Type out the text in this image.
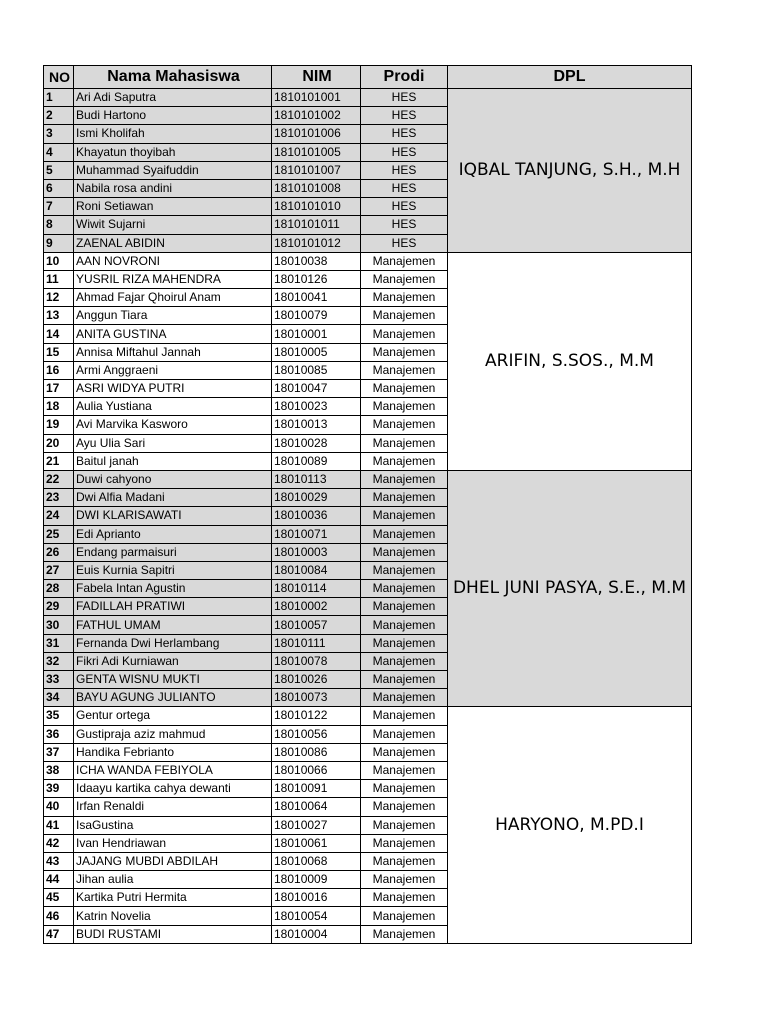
NO	Nama Mahasiswa	NIM	Prodi	DPL
1	Ari Adi Saputra	1810101001	HES	IQBAL TANJUNG, S.H., M.H
2	Budi Hartono	1810101002	HES	
3	Ismi Kholifah	1810101006	HES	
4	Khayatun thoyibah	1810101005	HES	
5	Muhammad Syaifuddin	1810101007	HES	
6	Nabila rosa andini	1810101008	HES	
7	Roni Setiawan	1810101010	HES	
8	Wiwit Sujarni	1810101011	HES	
9	ZAENAL ABIDIN	1810101012	HES	
10	AAN NOVRONI	18010038	Manajemen	ARIFIN, S.SOS., M.M
11	YUSRIL RIZA MAHENDRA	18010126	Manajemen	
12	Ahmad Fajar Qhoirul Anam	18010041	Manajemen	
13	Anggun Tiara	18010079	Manajemen	
14	ANITA GUSTINA	18010001	Manajemen	
15	Annisa Miftahul Jannah	18010005	Manajemen	
16	Armi Anggraeni	18010085	Manajemen	
17	ASRI WIDYA PUTRI	18010047	Manajemen	
18	Aulia Yustiana	18010023	Manajemen	
19	Avi Marvika Kasworo	18010013	Manajemen	
20	Ayu Ulia Sari	18010028	Manajemen	
21	Baitul janah	18010089	Manajemen	
22	Duwi cahyono	18010113	Manajemen	DHEL JUNI PASYA, S.E., M.M
23	Dwi Alfia Madani	18010029	Manajemen	
24	DWI KLARISAWATI	18010036	Manajemen	
25	Edi Aprianto	18010071	Manajemen	
26	Endang parmaisuri	18010003	Manajemen	
27	Euis Kurnia Sapitri	18010084	Manajemen	
28	Fabela Intan Agustin	18010114	Manajemen	
29	FADILLAH PRATIWI	18010002	Manajemen	
30	FATHUL UMAM	18010057	Manajemen	
31	Fernanda Dwi Herlambang	18010111	Manajemen	
32	Fikri Adi Kurniawan	18010078	Manajemen	
33	GENTA WISNU MUKTI	18010026	Manajemen	
34	BAYU AGUNG JULIANTO	18010073	Manajemen	
35	Gentur ortega	18010122	Manajemen	HARYONO, M.PD.I
36	Gustipraja aziz mahmud	18010056	Manajemen	
37	Handika Febrianto	18010086	Manajemen	
38	ICHA WANDA FEBIYOLA	18010066	Manajemen	
39	Idaayu kartika cahya dewanti	18010091	Manajemen	
40	Irfan Renaldi	18010064	Manajemen	
41	IsaGustina	18010027	Manajemen	
42	Ivan Hendriawan	18010061	Manajemen	
43	JAJANG MUBDI ABDILAH	18010068	Manajemen	
44	Jihan aulia	18010009	Manajemen	
45	Kartika Putri Hermita	18010016	Manajemen	
46	Katrin Novelia	18010054	Manajemen	
47	BUDI RUSTAMI	18010004	Manajemen	
